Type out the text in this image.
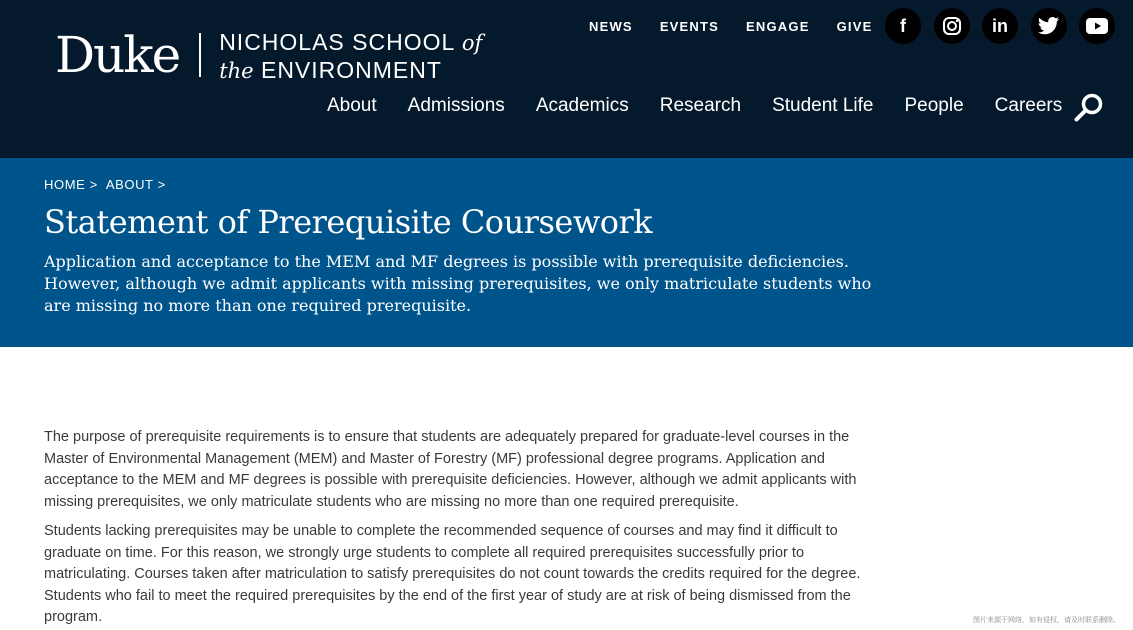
Duke NICHOLAS SCHOOL of
the ENVIRONMENT
NEWS EVENTS ENGAGE GIVE	f	in
About Admissions Academics Research Student Life People Careers
HOME > ABOUT >
Statement of Prerequisite Coursework

Application and acceptance to the MEM and MF degrees is possible with prerequisite deficiencies. However, although we admit applicants with missing prerequisites, we only matriculate students who are missing no more than one required prerequisite.

The purpose of prerequisite requirements is to ensure that students are adequately prepared for graduate-level courses in the Master of Environmental Management (MEM) and Master of Forestry (MF) professional degree programs. Application and acceptance to the MEM and MF degrees is possible with prerequisite deficiencies. However, although we admit applicants with missing prerequisites, we only matriculate students who are missing no more than one required prerequisite.

Students lacking prerequisites may be unable to complete the recommended sequence of courses and may find it difficult to graduate on time. For this reason, we strongly urge students to complete all required prerequisites successfully prior to matriculating. Courses taken after matriculation to satisfy prerequisites do not count towards the credits required for the degree. Students who fail to meet the required prerequisites by the end of the first year of study are at risk of being dismissed from the program.	图片来源于网络，如有侵权，请及时联系删除。
